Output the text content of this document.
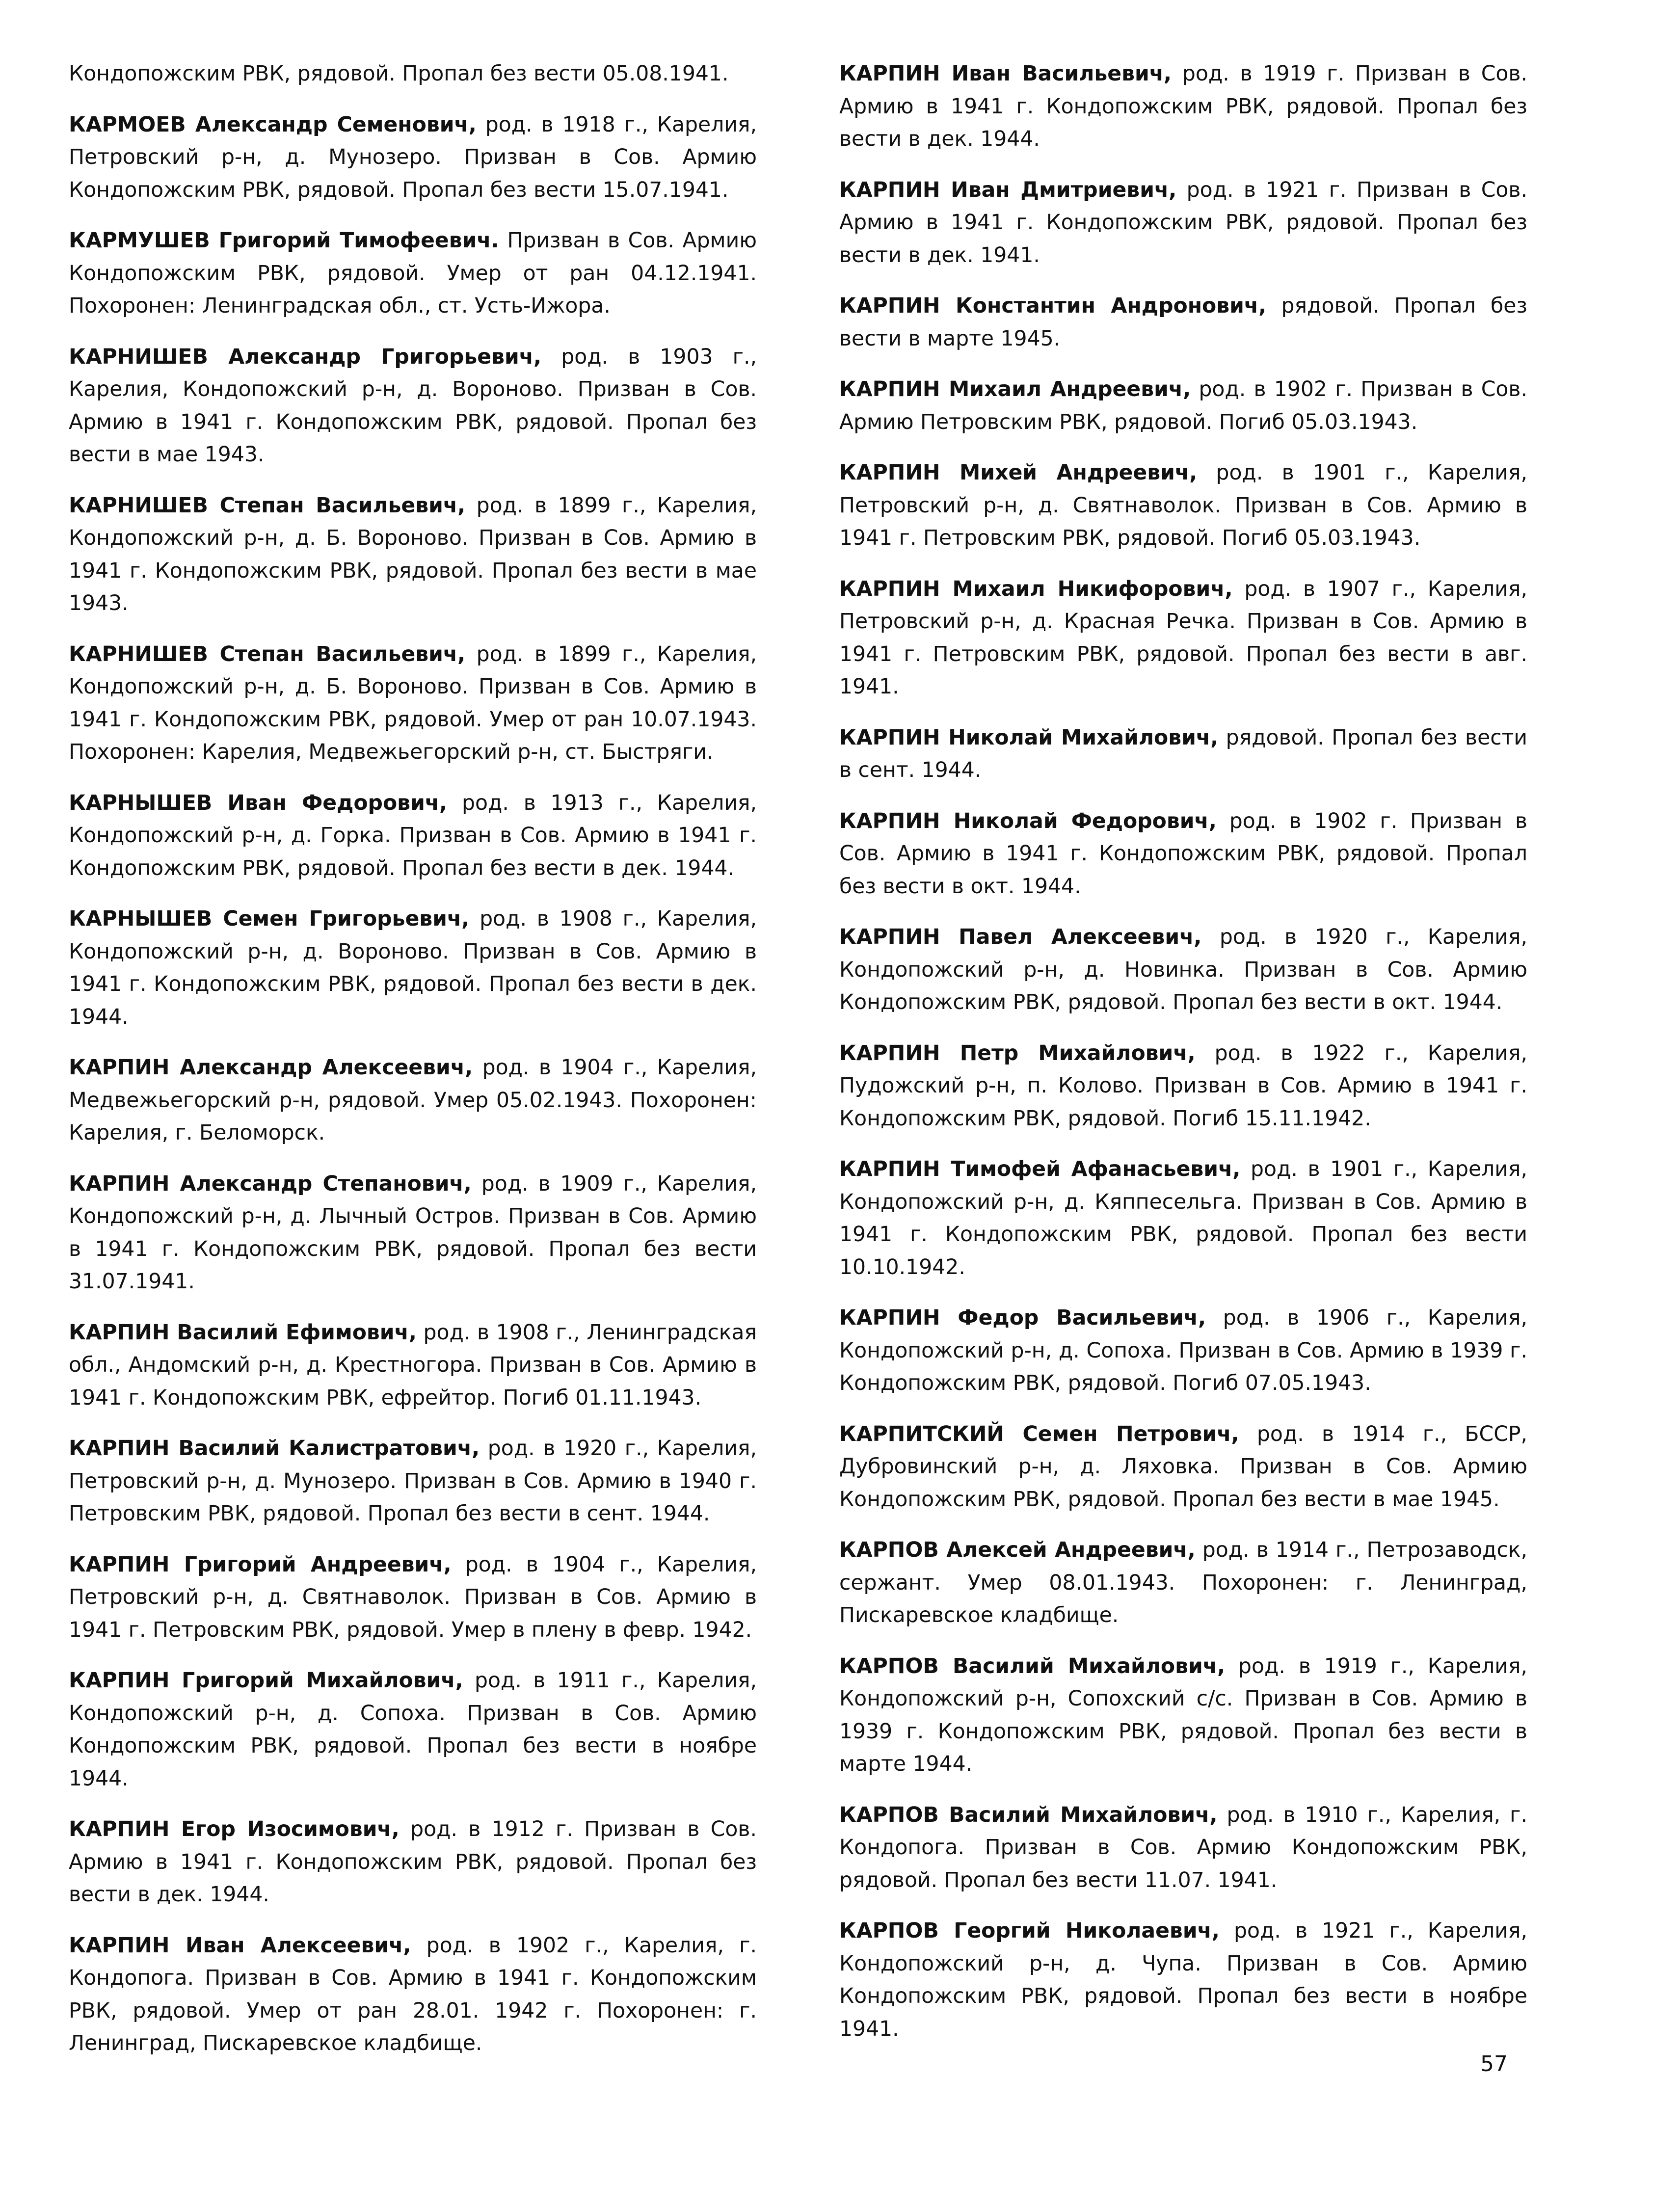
Кондопожским РВК, рядовой. Пропал без вести 05.08.1941.

КАРМОЕВ Александр Семенович, род. в 1918 г., Карелия, Петровский р-н, д. Мунозеро. Призван в Сов. Армию Кондопожским РВК, рядовой. Пропал без вести 15.07.1941.

КАРМУШЕВ Григорий Тимофеевич. Призван в Сов. Армию Кондопожским РВК, рядовой. Умер от ран 04.12.1941. Похоронен: Ленинградская обл., ст. Усть-Ижора.

КАРНИШЕВ Александр Григорьевич, род. в 1903 г., Карелия, Кондопожский р-н, д. Вороново. Призван в Сов. Армию в 1941 г. Кондопожским РВК, рядовой. Пропал без вести в мае 1943.

КАРНИШЕВ Степан Васильевич, род. в 1899 г., Карелия, Кондопожский р-н, д. Б. Вороново. Призван в Сов. Армию в 1941 г. Кондопожским РВК, рядовой. Пропал без вести в мае 1943.

КАРНИШЕВ Степан Васильевич, род. в 1899 г., Карелия, Кондопожский р-н, д. Б. Вороново. Призван в Сов. Армию в 1941 г. Кондопожским РВК, рядовой. Умер от ран 10.07.1943. Похоронен: Карелия, Медвежьегорский р-н, ст. Быстряги.

КАРНЫШЕВ Иван Федорович, род. в 1913 г., Карелия, Кондопожский р-н, д. Горка. Призван в Сов. Армию в 1941 г. Кондопожским РВК, рядовой. Пропал без вести в дек. 1944.

КАРНЫШЕВ Семен Григорьевич, род. в 1908 г., Карелия, Кондопожский р-н, д. Вороново. Призван в Сов. Армию в 1941 г. Кондопожским РВК, рядовой. Пропал без вести в дек. 1944.

КАРПИН Александр Алексеевич, род. в 1904 г., Карелия, Медвежьегорский р-н, рядовой. Умер 05.02.1943. Похоронен: Карелия, г. Беломорск.

КАРПИН Александр Степанович, род. в 1909 г., Карелия, Кондопожский р-н, д. Лычный Остров. Призван в Сов. Армию в 1941 г. Кондопожским РВК, рядовой. Пропал без вести 31.07.1941.

КАРПИН Василий Ефимович, род. в 1908 г., Ленинградская обл., Андомский р-н, д. Крестногора. Призван в Сов. Армию в 1941 г. Кондопожским РВК, ефрейтор. Погиб 01.11.1943.

КАРПИН Василий Калистратович, род. в 1920 г., Карелия, Петровский р-н, д. Мунозеро. Призван в Сов. Армию в 1940 г. Петровским РВК, рядовой. Пропал без вести в сент. 1944.

КАРПИН Григорий Андреевич, род. в 1904 г., Карелия, Петровский р-н, д. Святнаволок. Призван в Сов. Армию в 1941 г. Петровским РВК, рядовой. Умер в плену в февр. 1942.

КАРПИН Григорий Михайлович, род. в 1911 г., Карелия, Кондопожский р-н, д. Сопоха. Призван в Сов. Армию Кондопожским РВК, рядовой. Пропал без вести в ноябре 1944.

КАРПИН Егор Изосимович, род. в 1912 г. Призван в Сов. Армию в 1941 г. Кондопожским РВК, рядовой. Пропал без вести в дек. 1944.

КАРПИН Иван Алексеевич, род. в 1902 г., Карелия, г. Кондопога. Призван в Сов. Армию в 1941 г. Кондопожским РВК, рядовой. Умер от ран 28.01. 1942 г. Похоронен: г. Ленинград, Пискаревское кладбище.

КАРПИН Иван Васильевич, род. в 1919 г. Призван в Сов. Армию в 1941 г. Кондопожским РВК, рядовой. Пропал без вести в дек. 1944.

КАРПИН Иван Дмитриевич, род. в 1921 г. Призван в Сов. Армию в 1941 г. Кондопожским РВК, рядовой. Пропал без вести в дек. 1941.

КАРПИН Константин Андронович, рядовой. Пропал без вести в марте 1945.

КАРПИН Михаил Андреевич, род. в 1902 г. Призван в Сов. Армию Петровским РВК, рядовой. Погиб 05.03.1943.

КАРПИН Михей Андреевич, род. в 1901 г., Карелия, Петровский р-н, д. Святнаволок. Призван в Сов. Армию в 1941 г. Петровским РВК, рядовой. Погиб 05.03.1943.

КАРПИН Михаил Никифорович, род. в 1907 г., Карелия, Петровский р-н, д. Красная Речка. Призван в Сов. Армию в 1941 г. Петровским РВК, рядовой. Пропал без вести в авг. 1941.

КАРПИН Николай Михайлович, рядовой. Пропал без вести в сент. 1944.

КАРПИН Николай Федорович, род. в 1902 г. Призван в Сов. Армию в 1941 г. Кондопожским РВК, рядовой. Пропал без вести в окт. 1944.

КАРПИН Павел Алексеевич, род. в 1920 г., Карелия, Кондопожский р-н, д. Новинка. Призван в Сов. Армию Кондопожским РВК, рядовой. Пропал без вести в окт. 1944.

КАРПИН Петр Михайлович, род. в 1922 г., Карелия, Пудожский р-н, п. Колово. Призван в Сов. Армию в 1941 г. Кондопожским РВК, рядовой. Погиб 15.11.1942.

КАРПИН Тимофей Афанасьевич, род. в 1901 г., Карелия, Кондопожский р-н, д. Кяппесельга. Призван в Сов. Армию в 1941 г. Кондопожским РВК, рядовой. Пропал без вести 10.10.1942.

КАРПИН Федор Васильевич, род. в 1906 г., Карелия, Кондопожский р-н, д. Сопоха. Призван в Сов. Армию в 1939 г. Кондопожским РВК, рядовой. Погиб 07.05.1943.

КАРПИТСКИЙ Семен Петрович, род. в 1914 г., БССР, Дубровинский р-н, д. Ляховка. Призван в Сов. Армию Кондопожским РВК, рядовой. Пропал без вести в мае 1945.

КАРПОВ Алексей Андреевич, род. в 1914 г., Петрозаводск, сержант. Умер 08.01.1943. Похоронен: г. Ленинград, Пискаревское кладбище.

КАРПОВ Василий Михайлович, род. в 1919 г., Карелия, Кондопожский р-н, Сопохский с/с. Призван в Сов. Армию в 1939 г. Кондопожским РВК, рядовой. Пропал без вести в марте 1944.

КАРПОВ Василий Михайлович, род. в 1910 г., Карелия, г. Кондопога. Призван в Сов. Армию Кондопожским РВК, рядовой. Пропал без вести 11.07. 1941.

КАРПОВ Георгий Николаевич, род. в 1921 г., Карелия, Кондопожский р-н, д. Чупа. Призван в Сов. Армию Кондопожским РВК, рядовой. Пропал без вести в ноябре 1941.

57
